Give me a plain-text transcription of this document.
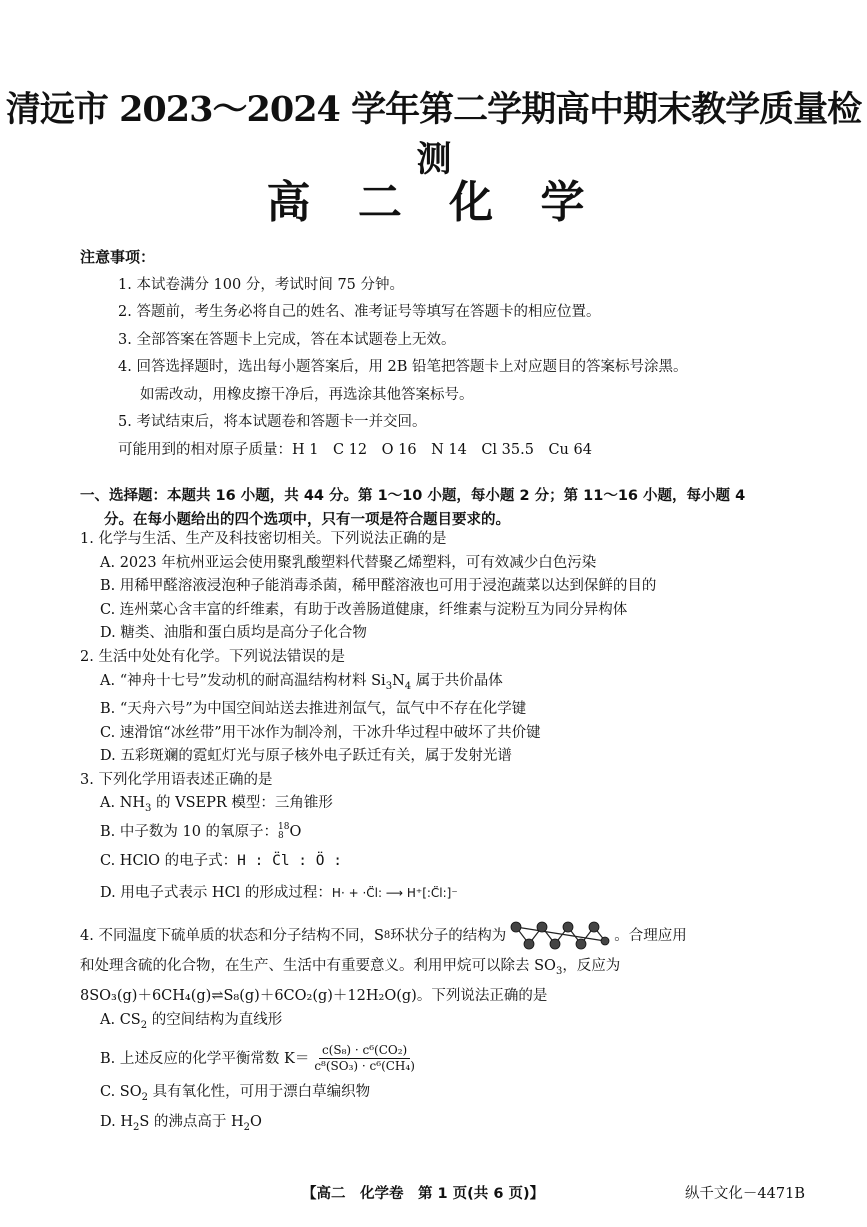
清远市 2023～2024 学年第二学期高中期末教学质量检测
高 二 化 学
注意事项：
1. 本试卷满分 100 分，考试时间 75 分钟。
2. 答题前，考生务必将自己的姓名、准考证号等填写在答题卡的相应位置。
3. 全部答案在答题卡上完成，答在本试题卷上无效。
4. 回答选择题时，选出每小题答案后，用 2B 铅笔把答题卡上对应题目的答案标号涂黑。
如需改动，用橡皮擦干净后，再选涂其他答案标号。
5. 考试结束后，将本试题卷和答题卡一并交回。
可能用到的相对原子质量：H 1　C 12　O 16　N 14　Cl 35.5　Cu 64
一、选择题：本题共 16 小题，共 44 分。第 1～10 小题，每小题 2 分；第 11～16 小题，每小题 4
分。在每小题给出的四个选项中，只有一项是符合题目要求的。
1. 化学与生活、生产及科技密切相关。下列说法正确的是
A. 2023 年杭州亚运会使用聚乳酸塑料代替聚乙烯塑料，可有效减少白色污染
B. 用稀甲醛溶液浸泡种子能消毒杀菌，稀甲醛溶液也可用于浸泡蔬菜以达到保鲜的目的
C. 连州菜心含丰富的纤维素，有助于改善肠道健康，纤维素与淀粉互为同分异构体
D. 糖类、油脂和蛋白质均是高分子化合物
2. 生活中处处有化学。下列说法错误的是
A. “神舟十七号”发动机的耐高温结构材料 $Si_3N_4$ 属于共价晶体
B. “天舟六号”为中国空间站送去推进剂氙气，氙气中不存在化学键
C. 速滑馆“冰丝带”用干冰作为制冷剂，干冰升华过程中破坏了共价键
D. 五彩斑斓的霓虹灯光与原子核外电子跃迁有关，属于发射光谱
3. 下列化学用语表述正确的是
A. $NH_3$ 的 VSEPR 模型：三角锥形
B. 中子数为 10 的氧原子： 18
8 O
C. HClO 的电子式：H : C̈l : Ö :
D. 用电子式表示 HCl 的形成过程：H· + ·C̈l: ⟶ H⁺[:C̈l:]⁻
4. 不同温度下硫单质的状态和分子结构不同，S 8 环状分子的结构为	。合理应用
和处理含硫的化合物，在生产、生活中有重要意义。利用甲烷可以除去 $SO_3$，反应为
8SO₃(g)＋6CH₄(g)⇌S₈(g)＋6CO₂(g)＋12H₂O(g)。下列说法正确的是
A. $CS_2$ 的空间结构为直线形
B. 上述反应的化学平衡常数 $K= \frac{\text{c(S₈) · c⁶(CO₂)}}{\text{c⁸(SO₃) · c⁶(CH₄)}}$
C. $SO_2$ 具有氧化性，可用于漂白草编织物
D. $H_2S$ 的沸点高于 $H_2O$
【高二　化学卷　第 1 页(共 6 页)】	纵千文化－4471B
